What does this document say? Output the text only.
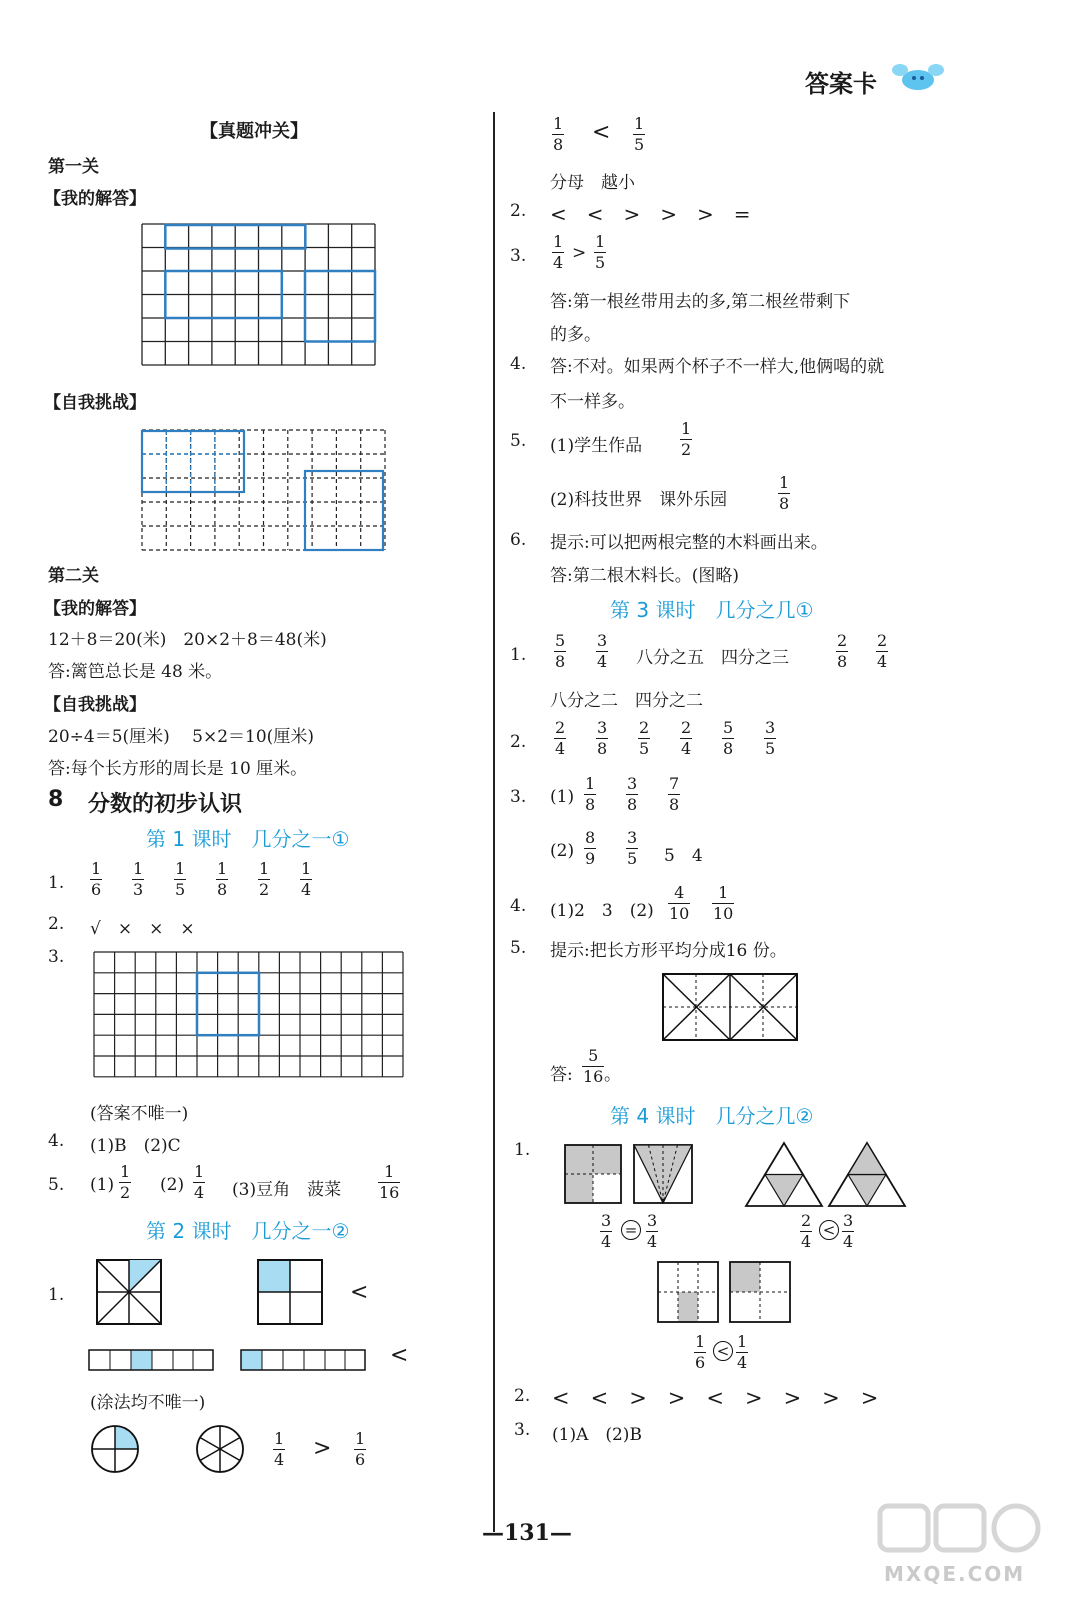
答案卡
【真题冲关】
第一关
【我的解答】
【自我挑战】
第二关
【我的解答】
12＋8＝20(米)　20×2＋8＝48(米)
答:篱笆总长是 48 米。
【自我挑战】
20÷4＝5(厘米)　 5×2＝10(厘米)
答:每个长方形的周长是 10 厘米。
8 分数的初步认识
第 1 课时　几分之一①
1.
1
6
1
3
1
5
1
8
1
2
1
4
2. √　×　×　×
3.
(答案不唯一)
4. (1)B　(2)C
5. (1)
1
2 (2)
1
4 (3)豆角　菠菜
1
16
第 2 课时　几分之一②
1.	<
<
(涂法均不唯一)
1
4 > 1
6
1
8 < 1
5
分母　越小
2. <　<　>　>　>　=
3.
1
4 >
1
5
答:第一根丝带用去的多,第二根丝带剩下
的多。
4. 答:不对。如果两个杯子不一样大,他俩喝的就
不一样多。
5. (1)学生作品
1
2
(2)科技世界　课外乐园
1
8
6. 提示:可以把两根完整的木料画出来。
答:第二根木料长。(图略)
第 3 课时　几分之几①
1.
5
8
3
4 八分之五　四分之三
2
8
2
4
八分之二　四分之二
2.
2
4
3
8
2
5
2
4
5
8
3
5
3. (1)
1
8
3
8
7
8
(2)
8
9
3
5 5　4
4. (1)2　3　(2)
4
10
1
10
5. 提示:把长方形平均分成16 份。
答:
5
16 。
第 4 课时　几分之几②
1.
3
4
= 3
4
2
4
< 3
4
1
6
< 1
4
2. <　<　>　>　<　>　>　>　>
3. (1)A　(2)B
—131—
MXQE.COM
